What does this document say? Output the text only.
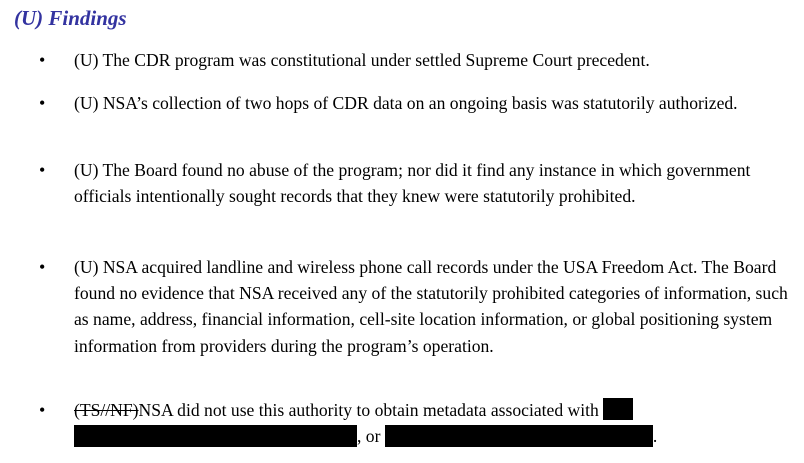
(U) Findings
• (U) The CDR program was constitutional under settled Supreme Court precedent.

• (U) NSA’s collection of two hops of CDR data on an ongoing basis was statutorily authorized.

• (U) The Board found no abuse of the program; nor did it find any instance in which government officials intentionally sought records that they knew were statutorily prohibited.

• (U) NSA acquired landline and wireless phone call records under the USA Freedom Act. The Board found no evidence that NSA received any of the statutorily prohibited categories of information, such as name, address, financial information, cell-site location information, or global positioning system information from providers during the program’s operation.

• (TS//NF)NSA did not use this authority to obtain metadata associated with
, or	.
